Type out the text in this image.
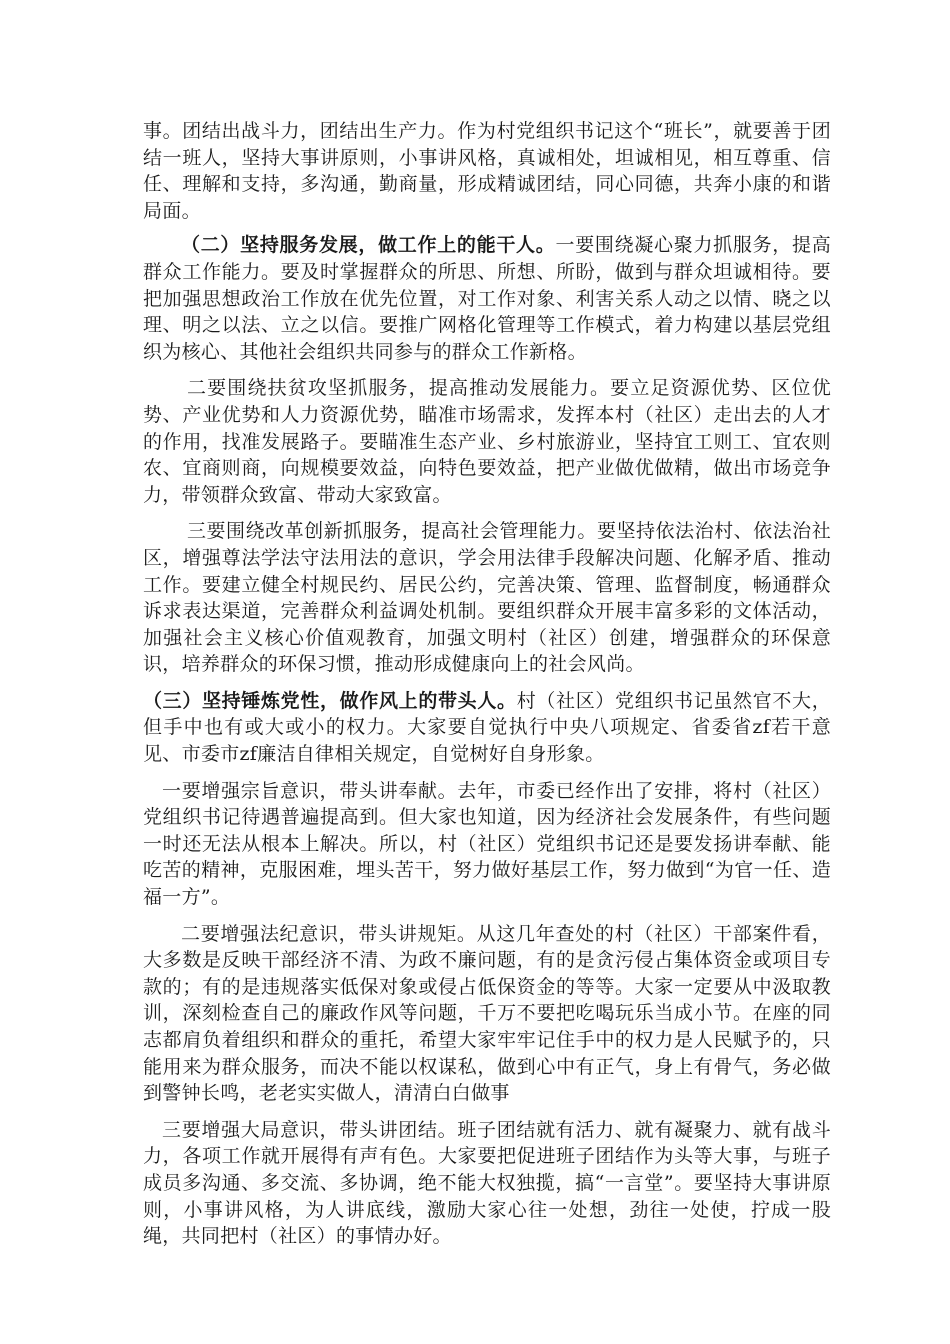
事。团结出战斗力，团结出生产力。作为村党组织书记这个“班长”，就要善于团结一班人，坚持大事讲原则，小事讲风格，真诚相处，坦诚相见，相互尊重、信任、理解和支持，多沟通，勤商量，形成精诚团结，同心同德，共奔小康的和谐局面。

（二）坚持服务发展，做工作上的能干人。一要围绕凝心聚力抓服务，提高群众工作能力。要及时掌握群众的所思、所想、所盼，做到与群众坦诚相待。要把加强思想政治工作放在优先位置，对工作对象、利害关系人动之以情、晓之以理、明之以法、立之以信。要推广网格化管理等工作模式，着力构建以基层党组织为核心、其他社会组织共同参与的群众工作新格。

二要围绕扶贫攻坚抓服务，提高推动发展能力。要立足资源优势、区位优势、产业优势和人力资源优势，瞄准市场需求，发挥本村（社区）走出去的人才的作用，找准发展路子。要瞄准生态产业、乡村旅游业，坚持宜工则工、宜农则农、宜商则商，向规模要效益，向特色要效益，把产业做优做精，做出市场竞争力，带领群众致富、带动大家致富。

三要围绕改革创新抓服务，提高社会管理能力。要坚持依法治村、依法治社区，增强尊法学法守法用法的意识，学会用法律手段解决问题、化解矛盾、推动工作。要建立健全村规民约、居民公约，完善决策、管理、监督制度，畅通群众诉求表达渠道，完善群众利益调处机制。要组织群众开展丰富多彩的文体活动，加强社会主义核心价值观教育，加强文明村（社区）创建，增强群众的环保意识，培养群众的环保习惯，推动形成健康向上的社会风尚。

（三）坚持锤炼党性，做作风上的带头人。村（社区）党组织书记虽然官不大，但手中也有或大或小的权力。大家要自觉执行中央八项规定、省委省zf若干意见、市委市zf廉洁自律相关规定，自觉树好自身形象。

一要增强宗旨意识，带头讲奉献。去年，市委已经作出了安排，将村（社区）党组织书记待遇普遍提高到。但大家也知道，因为经济社会发展条件，有些问题一时还无法从根本上解决。所以，村（社区）党组织书记还是要发扬讲奉献、能吃苦的精神，克服困难，埋头苦干，努力做好基层工作，努力做到“为官一任、造福一方”。

二要增强法纪意识，带头讲规矩。从这几年查处的村（社区）干部案件看，大多数是反映干部经济不清、为政不廉问题，有的是贪污侵占集体资金或项目专款的；有的是违规落实低保对象或侵占低保资金的等等。大家一定要从中汲取教训，深刻检查自己的廉政作风等问题，千万不要把吃喝玩乐当成小节。在座的同志都肩负着组织和群众的重托，希望大家牢牢记住手中的权力是人民赋予的，只能用来为群众服务，而决不能以权谋私，做到心中有正气，身上有骨气，务必做到警钟长鸣，老老实实做人，清清白白做事

三要增强大局意识，带头讲团结。班子团结就有活力、就有凝聚力、就有战斗力，各项工作就开展得有声有色。大家要把促进班子团结作为头等大事，与班子成员多沟通、多交流、多协调，绝不能大权独揽，搞“一言堂”。要坚持大事讲原则，小事讲风格，为人讲底线，激励大家心往一处想，劲往一处使，拧成一股绳，共同把村（社区）的事情办好。
